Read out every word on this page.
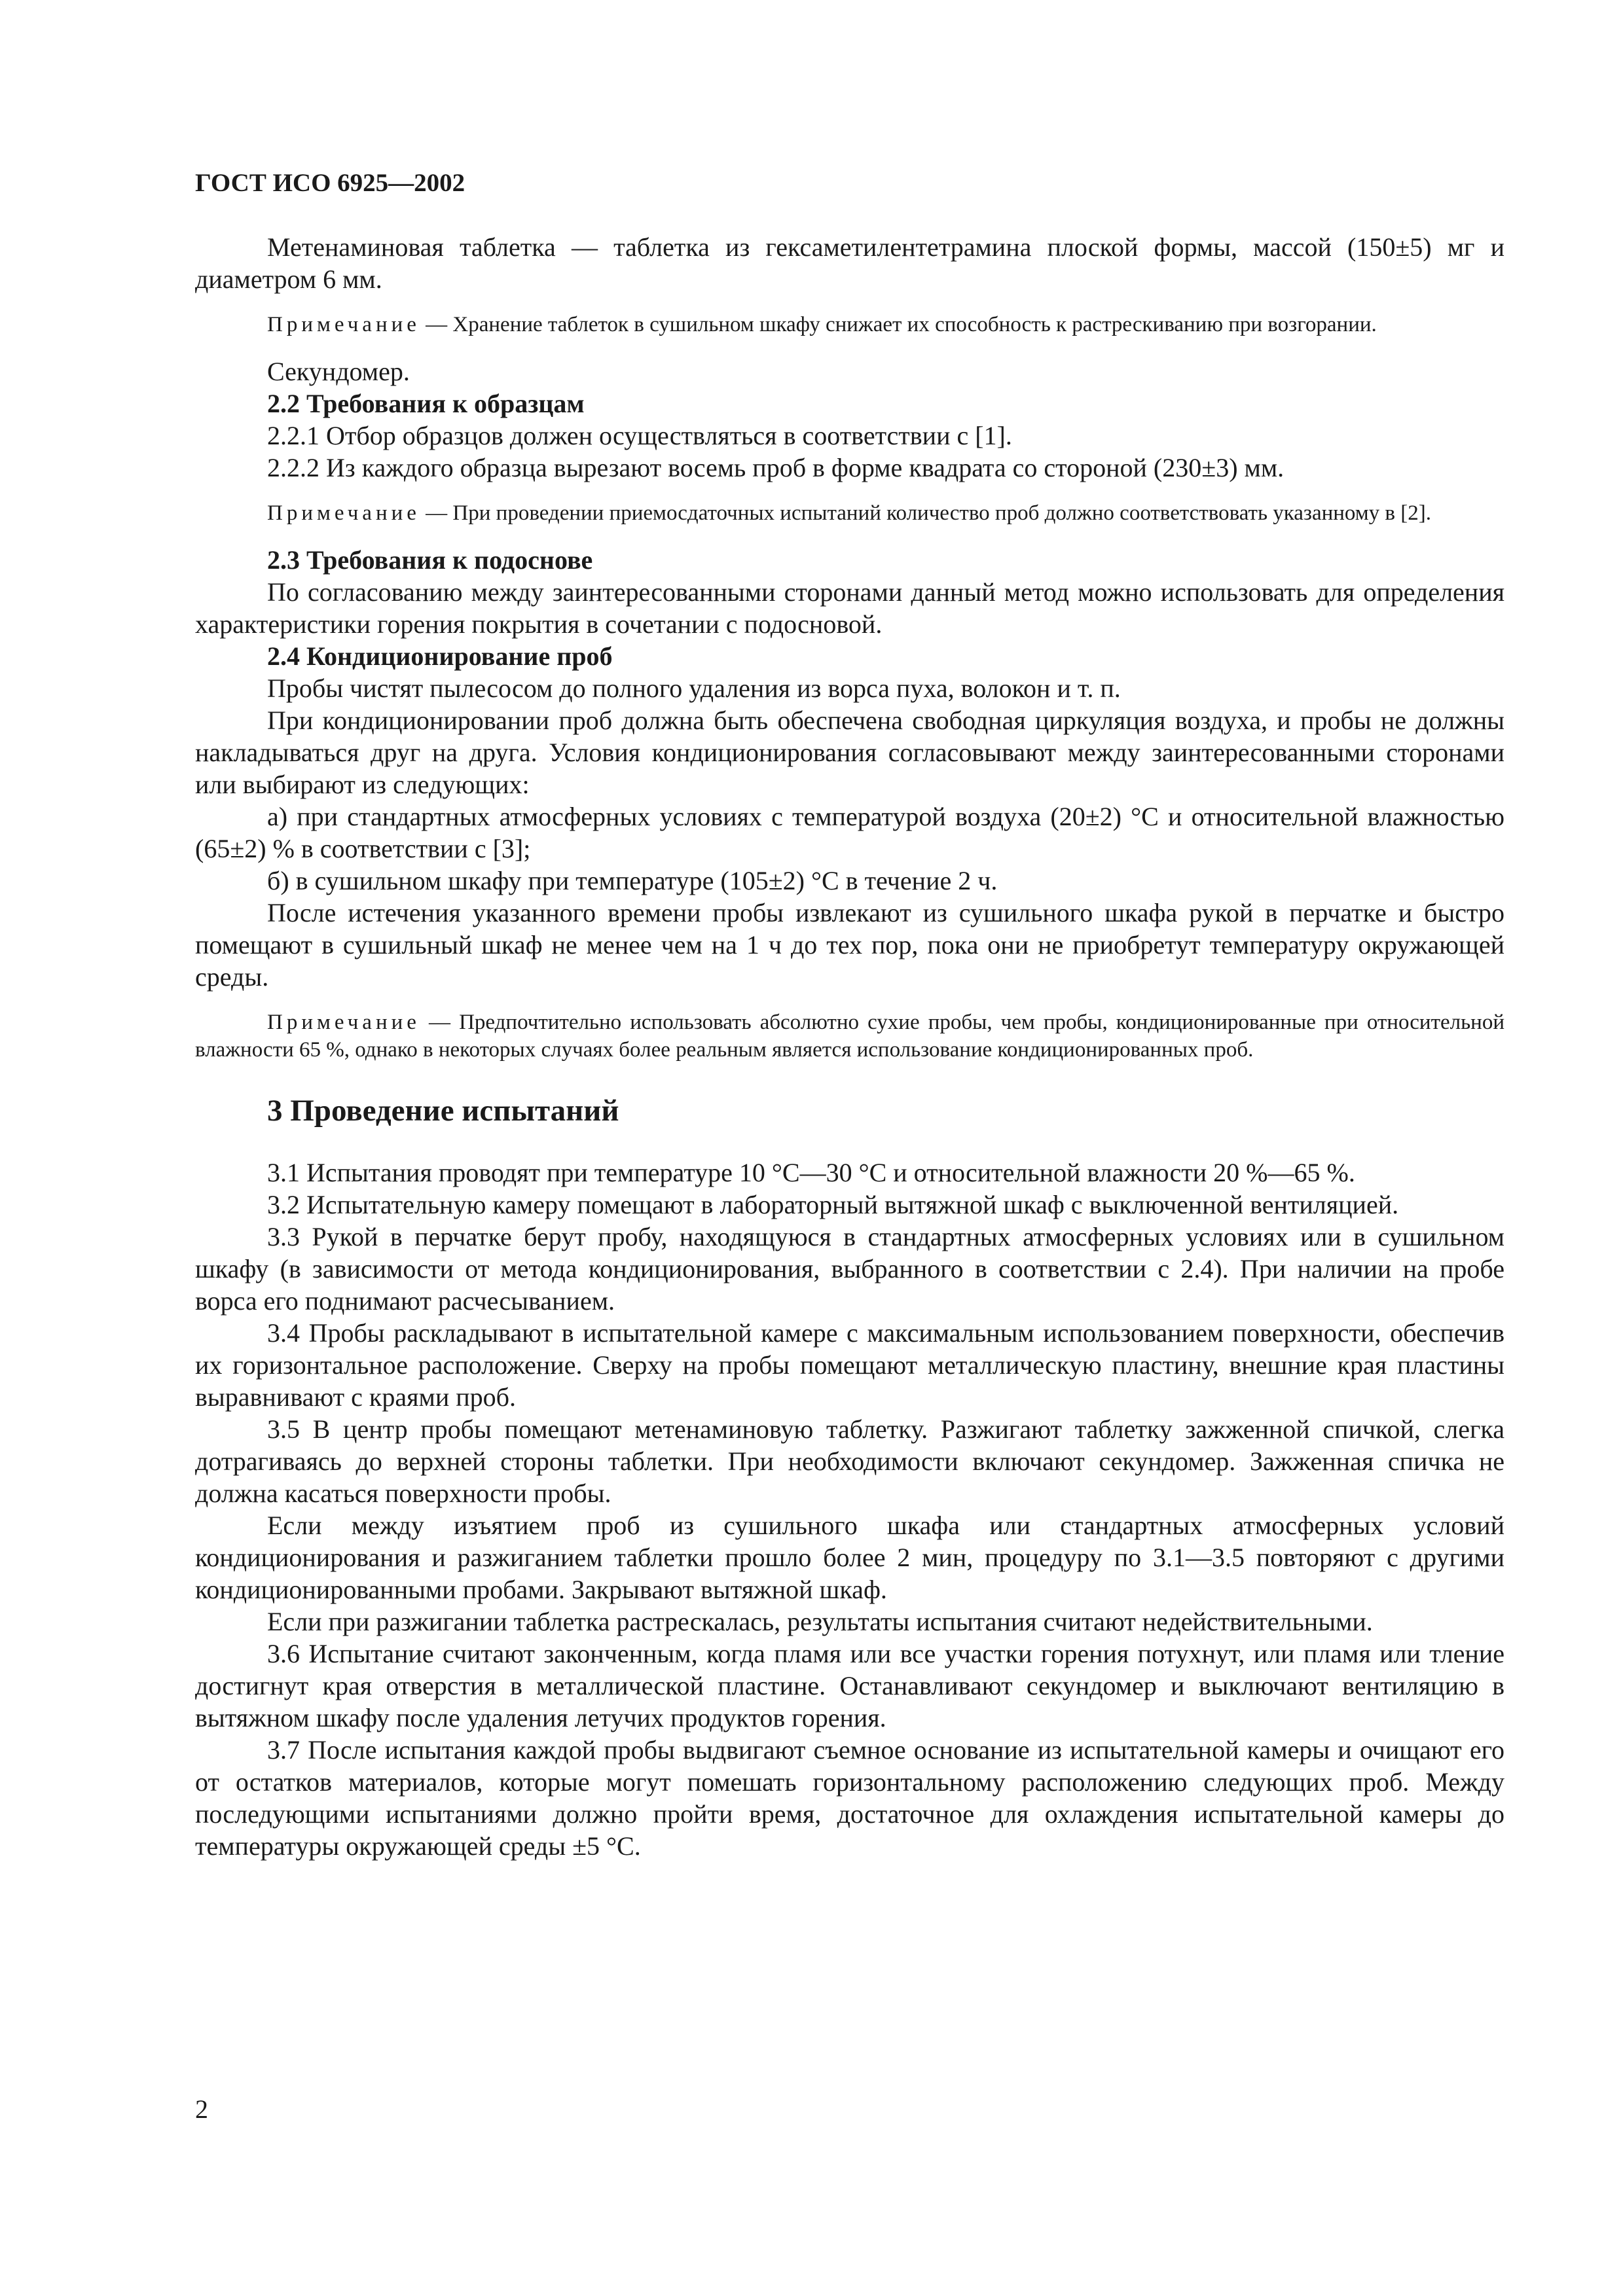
ГОСТ ИСО 6925—2002

Метенаминовая таблетка — таблетка из гексаметилентетрамина плоской формы, массой (150±5) мг и диаметром 6 мм.

Примечание — Хранение таблеток в сушильном шкафу снижает их способность к растрескиванию при возгорании.

Секундомер.

2.2 Требования к образцам

2.2.1 Отбор образцов должен осуществляться в соответствии с [1].

2.2.2 Из каждого образца вырезают восемь проб в форме квадрата со стороной (230±3) мм.

Примечание — При проведении приемосдаточных испытаний количество проб должно соответствовать указанному в [2].

2.3 Требования к подоснове

По согласованию между заинтересованными сторонами данный метод можно использовать для определения характеристики горения покрытия в сочетании с подосновой.

2.4 Кондиционирование проб

Пробы чистят пылесосом до полного удаления из ворса пуха, волокон и т. п.

При кондиционировании проб должна быть обеспечена свободная циркуляция воздуха, и пробы не должны накладываться друг на друга. Условия кондиционирования согласовывают между заинтересованными сторонами или выбирают из следующих:

а) при стандартных атмосферных условиях с температурой воздуха (20±2) °С и относительной влажностью (65±2) % в соответствии с [3];

б) в сушильном шкафу при температуре (105±2) °С в течение 2 ч.

После истечения указанного времени пробы извлекают из сушильного шкафа рукой в перчатке и быстро помещают в сушильный шкаф не менее чем на 1 ч до тех пор, пока они не приобретут температуру окружающей среды.

Примечание — Предпочтительно использовать абсолютно сухие пробы, чем пробы, кондиционированные при относительной влажности 65 %, однако в некоторых случаях более реальным является использование кондиционированных проб.
3 Проведение испытаний

3.1 Испытания проводят при температуре 10 °С—30 °С и относительной влажности 20 %—65 %.

3.2 Испытательную камеру помещают в лабораторный вытяжной шкаф с выключенной вентиляцией.

3.3 Рукой в перчатке берут пробу, находящуюся в стандартных атмосферных условиях или в сушильном шкафу (в зависимости от метода кондиционирования, выбранного в соответствии с 2.4). При наличии на пробе ворса его поднимают расчесыванием.

3.4 Пробы раскладывают в испытательной камере с максимальным использованием поверхности, обеспечив их горизонтальное расположение. Сверху на пробы помещают металлическую пластину, внешние края пластины выравнивают с краями проб.

3.5 В центр пробы помещают метенаминовую таблетку. Разжигают таблетку зажженной спичкой, слегка дотрагиваясь до верхней стороны таблетки. При необходимости включают секундомер. Зажженная спичка не должна касаться поверхности пробы.

Если между изъятием проб из сушильного шкафа или стандартных атмосферных условий кондиционирования и разжиганием таблетки прошло более 2 мин, процедуру по 3.1—3.5 повторяют с другими кондиционированными пробами. Закрывают вытяжной шкаф.

Если при разжигании таблетка растрескалась, результаты испытания считают недействительными.

3.6 Испытание считают законченным, когда пламя или все участки горения потухнут, или пламя или тление достигнут края отверстия в металлической пластине. Останавливают секундомер и выключают вентиляцию в вытяжном шкафу после удаления летучих продуктов горения.

3.7 После испытания каждой пробы выдвигают съемное основание из испытательной камеры и очищают его от остатков материалов, которые могут помешать горизонтальному расположению следующих проб. Между последующими испытаниями должно пройти время, достаточное для охлаждения испытательной камеры до температуры окружающей среды ±5 °С.

2
